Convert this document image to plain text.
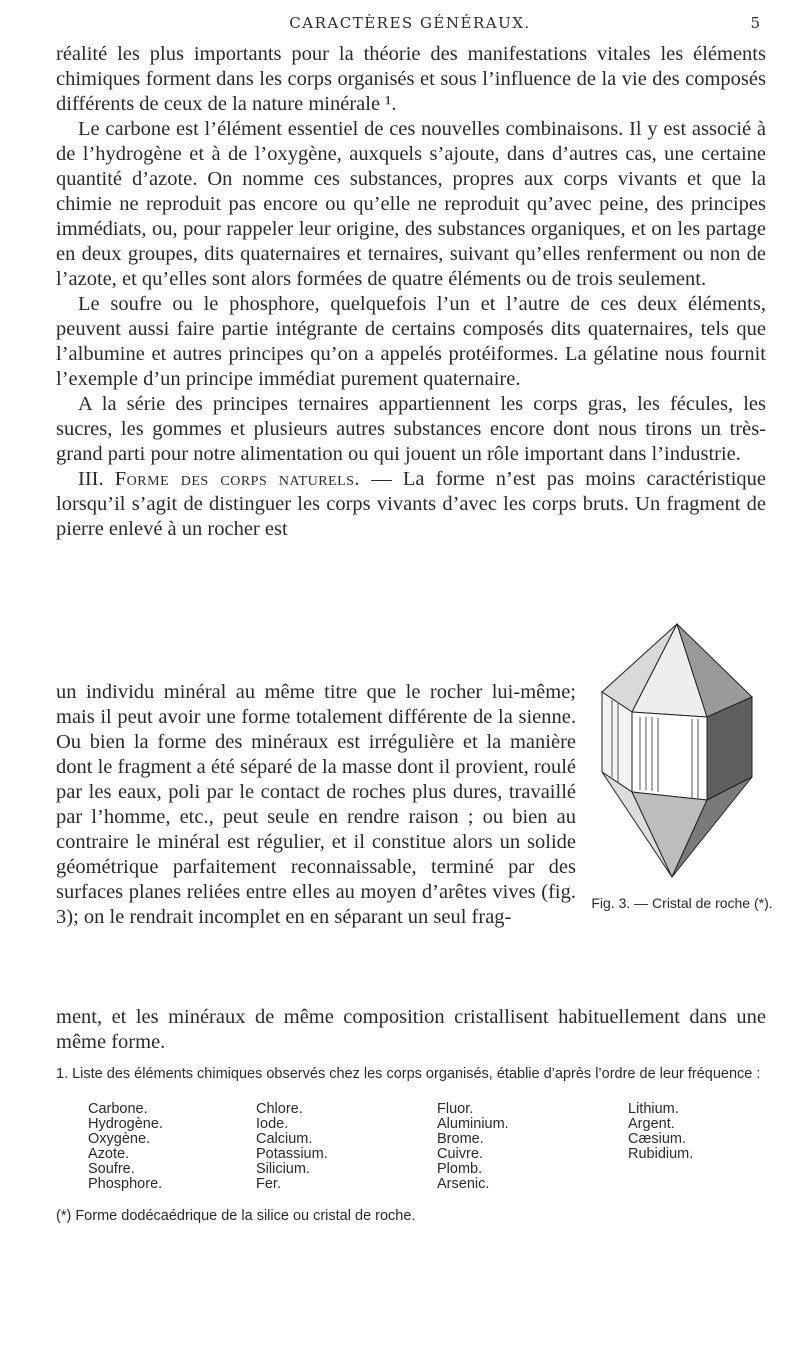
CARACTÈRES GÉNÉRAUX.	5

réalité les plus importants pour la théorie des manifestations vitales les éléments chimiques forment dans les corps organisés et sous l’influence de la vie des composés différents de ceux de la nature minérale ¹.

Le carbone est l’élément essentiel de ces nouvelles combinaisons. Il y est associé à de l’hydrogène et à de l’oxygène, auxquels s’ajoute, dans d’autres cas, une certaine quantité d’azote. On nomme ces substances, propres aux corps vivants et que la chimie ne reproduit pas encore ou qu’elle ne reproduit qu’avec peine, des principes immédiats, ou, pour rappeler leur origine, des substances organiques, et on les partage en deux groupes, dits quaternaires et ternaires, suivant qu’elles renferment ou non de l’azote, et qu’elles sont alors formées de quatre éléments ou de trois seulement.

Le soufre ou le phosphore, quelquefois l’un et l’autre de ces deux éléments, peuvent aussi faire partie intégrante de certains composés dits quaternaires, tels que l’albumine et autres principes qu’on a appelés protéiformes. La gélatine nous fournit l’exemple d’un principe immédiat purement quaternaire.

A la série des principes ternaires appartiennent les corps gras, les fécules, les sucres, les gommes et plusieurs autres substances encore dont nous tirons un très-grand parti pour notre alimentation ou qui jouent un rôle important dans l’industrie.

III. Forme des corps naturels. — La forme n’est pas moins caractéristique lorsqu’il s’agit de distinguer les corps vivants d’avec les corps bruts. Un fragment de pierre enlevé à un rocher est

un individu minéral au même titre que le rocher lui-même; mais il peut avoir une forme totalement différente de la sienne. Ou bien la forme des minéraux est irrégulière et la manière dont le fragment a été séparé de la masse dont il provient, roulé par les eaux, poli par le contact de roches plus dures, travaillé par l’homme, etc., peut seule en rendre raison ; ou bien au contraire le minéral est régulier, et il constitue alors un solide géométrique parfaitement reconnaissable, terminé par des surfaces planes reliées entre elles au moyen d’arêtes vives (fig. 3); on le rendrait incomplet en en séparant un seul frag-

ment, et les minéraux de même composition cristallisent habituellement dans une même forme.

Fig. 3. — Cristal de roche (*).
1. Liste des éléments chimiques observés chez les corps organisés, établie d’après l’ordre de leur fréquence :
Carbone.
Hydrogène.
Oxygène.
Azote.
Soufre.
Phosphore.
Chlore.
Iode.
Calcium.
Potassium.
Silicium.
Fer.
Fluor.
Aluminium.
Brome.
Cuivre.
Plomb.
Arsenic.
Lithium.
Argent.
Cæsium.
Rubidium.
(*) Forme dodécaédrique de la silice ou cristal de roche.
